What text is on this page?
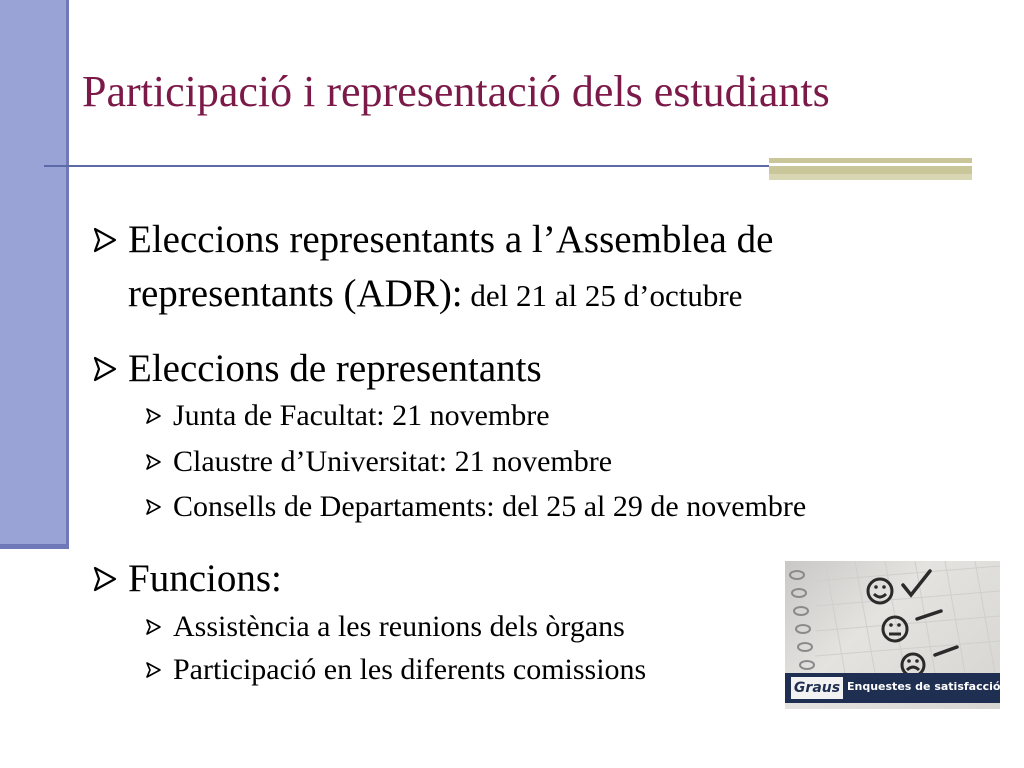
Participació i representació dels estudiants
Eleccions representants a l’Assemblea de
representants (ADR): del 21 al 25 d’octubre
Eleccions de representants
Junta de Facultat: 21 novembre
Claustre d’Universitat: 21 novembre
Consells de Departaments: del 25 al 29 de novembre
Funcions:
Assistència a les reunions dels òrgans
Participació en les diferents comissions
Graus Enquestes de satisfacció
